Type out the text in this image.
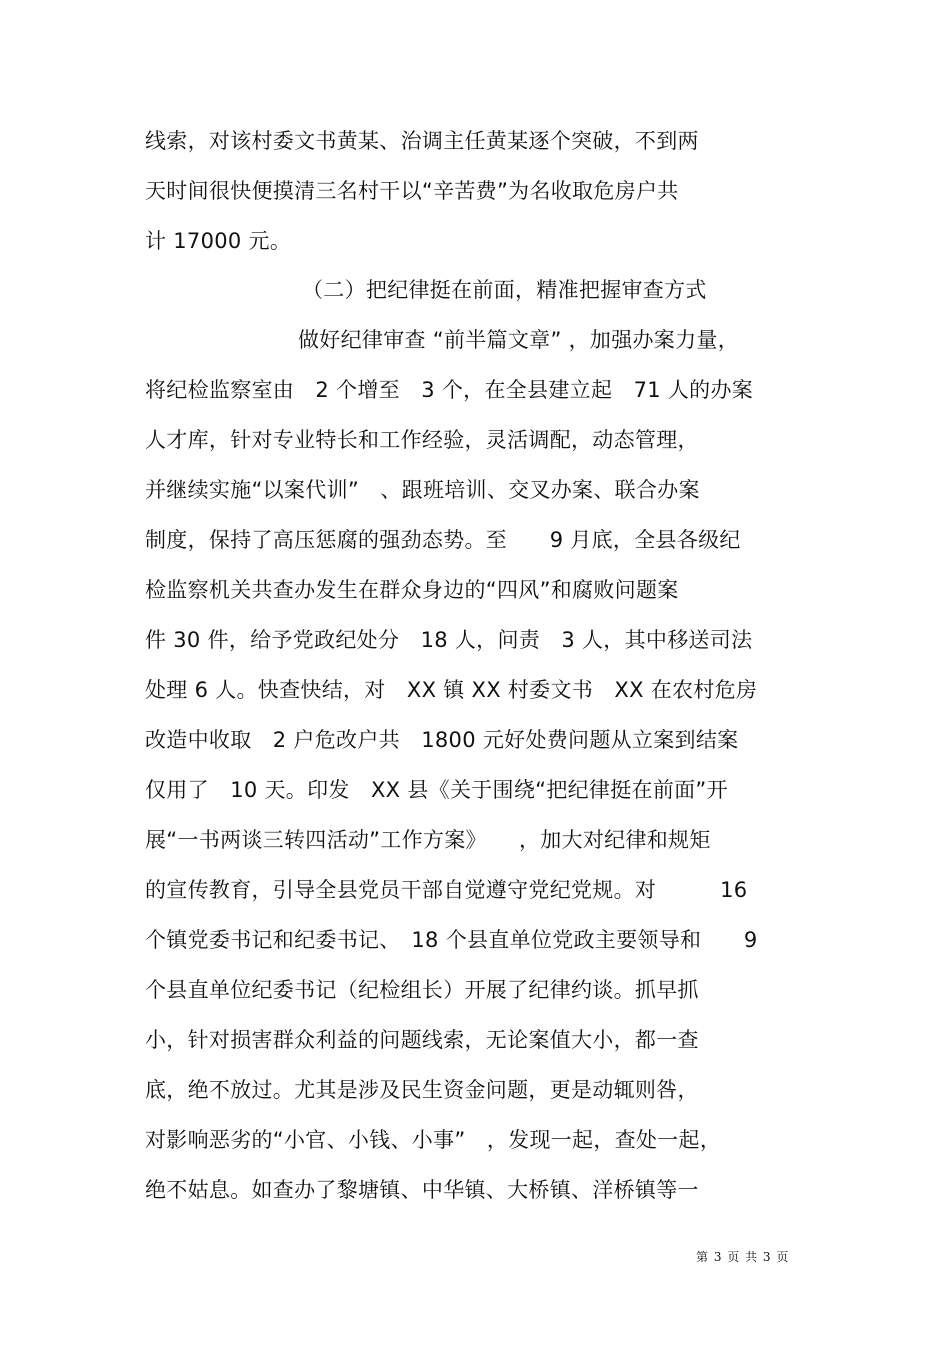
线索，对该村委文书黄某、治调主任黄某逐个突破，不到两
天时间很快便摸清三名村干以“辛苦费”为名收取危房户共
计 17000 元。
（二）把纪律挺在前面，精准把握审查方式
做好纪律审查 “前半篇文章” ，加强办案力量，
将纪检监察室由　2 个增至　3 个，在全县建立起　71 人的办案
人才库，针对专业特长和工作经验，灵活调配，动态管理，
并继续实施“以案代训”　、跟班培训、交叉办案、联合办案
制度，保持了高压惩腐的强劲态势。至　　9 月底，全县各级纪
检监察机关共查办发生在群众身边的“四风”和腐败问题案
件 30 件，给予党政纪处分　18 人，问责　3 人，其中移送司法
处理 6 人。快查快结，对　XX 镇 XX 村委文书　XX 在农村危房
改造中收取　2 户危改户共　1800 元好处费问题从立案到结案
仅用了　10 天。印发　XX 县《关于围绕“把纪律挺在前面”开
展“一书两谈三转四活动”工作方案》　　，加大对纪律和规矩
的宣传教育，引导全县党员干部自觉遵守党纪党规。对　　　16
个镇党委书记和纪委书记、　18 个县直单位党政主要领导和　　9
个县直单位纪委书记（纪检组长）开展了纪律约谈。抓早抓
小，针对损害群众利益的问题线索，无论案值大小，都一查
底，绝不放过。尤其是涉及民生资金问题，更是动辄则咎，
对影响恶劣的“小官、小钱、小事”　，发现一起，查处一起，
绝不姑息。如查办了黎塘镇、中华镇、大桥镇、洋桥镇等一
第 3 页 共 3 页
